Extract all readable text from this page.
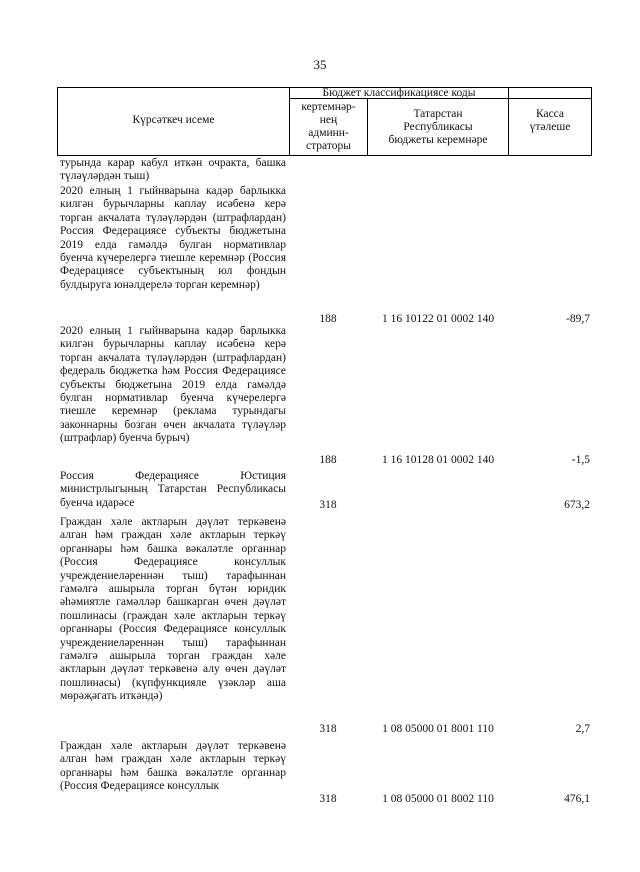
35
Күрсәткеч исеме
Бюджет классификациясе коды
кертемнәр-
нең
админн-
страторы
Татарстан
Республикасы
бюджеты керемнәре
Касса
үтәлеше
турында карар кабул иткән очракта, башка түләүләрдән тыш)
2020 елның 1 гыйнварына кадәр барлыкка килгән бурычларны каплау исәбенә керә торган акчалата түләүләрдән (штрафлардан) Россия Федерациясе субъекты бюджетына 2019 елда гамәлдә булган нормативлар буенча күчерелергә тиешле керемнәр (Россия Федерациясе субъектының юл фондын булдыруга юнәлдерелә торган керемнәр)
188	1 16 10122 01 0002 140	-89,7
2020 елның 1 гыйнварына кадәр барлыкка килгән бурычларны каплау исәбенә керә торган акчалата түләүләрдән (штрафлардан) федераль бюджетка һәм Россия Федерациясе субъекты бюджетына 2019 елда гамәлдә булган нормативлар буенча күчерелергә тиешле керемнәр (реклама турындагы законнарны бозган өчен акчалата түләүләр (штрафлар) буенча бурыч)
188	1 16 10128 01 0002 140	-1,5
Россия Федерациясе Юстиция министрлыгының Татарстан Республикасы буенча идарәсе	318	673,2
Граждан хәле актларын дәүләт теркәвенә алган һәм граждан хәле актларын теркәү органнары һәм башка вәкаләтле органнар (Россия Федерациясе консуллык учреждениеләреннән тыш) тарафыннан гамәлгә ашырыла торган бүтән юридик әһәмиятле гамәлләр башкарган өчен дәүләт пошлинасы (граждан хәле актларын теркәү органнары (Россия Федерациясе консуллык учреждениеләреннән тыш) тарафыннан гамәлгә ашырыла торган граждан хәле актларын дәүләт теркәвенә алу өчен дәүләт пошлинасы) (күпфункцияле үзәкләр аша мөрәҗәгать иткәндә)
318	1 08 05000 01 8001 110	2,7
Граждан хәле актларын дәүләт теркәвенә алган һәм граждан хәле актларын теркәү органнары һәм башка вәкаләтле органнар (Россия Федерациясе консуллык
318	1 08 05000 01 8002 110	476,1
